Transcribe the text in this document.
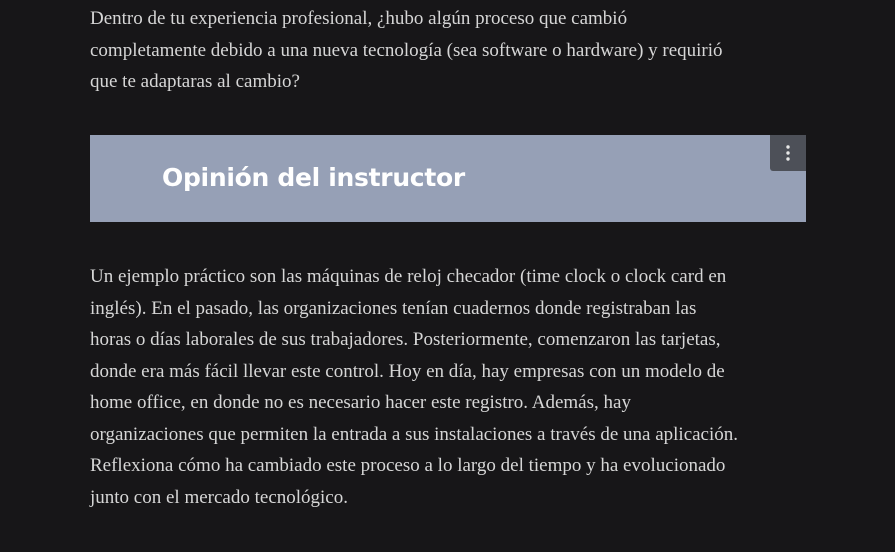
Dentro de tu experiencia profesional, ¿hubo algún proceso que cambió completamente debido a una nueva tecnología (sea software o hardware) y requirió que te adaptaras al cambio?

Opinión del instructor

Un ejemplo práctico son las máquinas de reloj checador (time clock o clock card en inglés). En el pasado, las organizaciones tenían cuadernos donde registraban las horas o días laborales de sus trabajadores. Posteriormente, comenzaron las tarjetas, donde era más fácil llevar este control. Hoy en día, hay empresas con un modelo de home office, en donde no es necesario hacer este registro. Además, hay organizaciones que permiten la entrada a sus instalaciones a través de una aplicación. Reflexiona cómo ha cambiado este proceso a lo largo del tiempo y ha evolucionado junto con el mercado tecnológico.
